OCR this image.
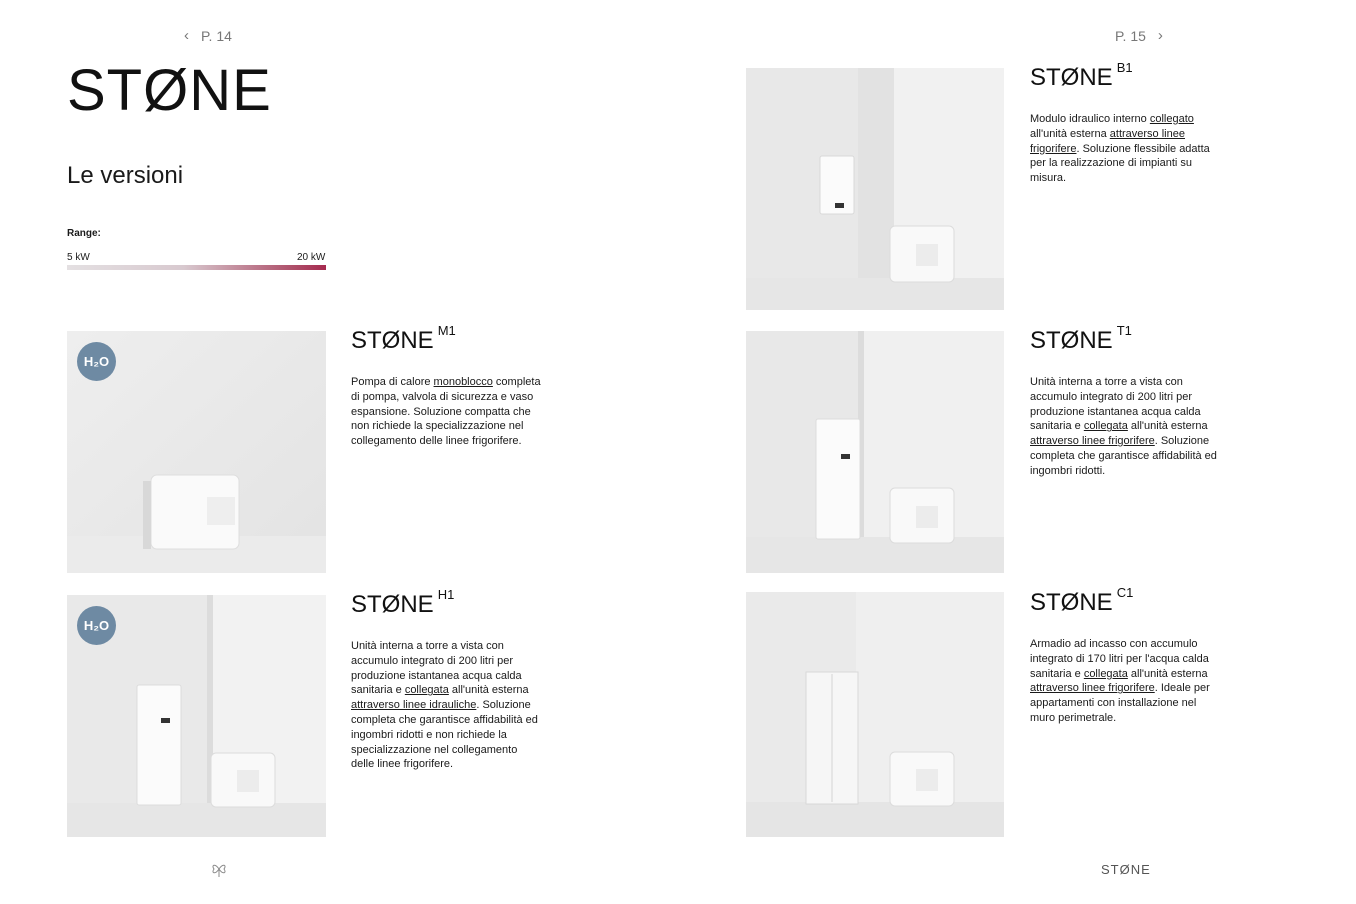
‹ P. 14	P. 15 ›
STØNE
Le versioni
Range:
5 kW	20 kW
H₂O
STØNE $^{M1}$
Pompa di calore monoblocco completa di pompa, valvola di sicurezza e vaso espansione. Soluzione compatta che non richiede la specializzazione nel collegamento delle linee frigorifere.
H₂O
STØNE $^{H1}$
Unità interna a torre a vista con accumulo integrato di 200 litri per produzione istantanea acqua calda sanitaria e collegata all'unità esterna attraverso linee idrauliche. Soluzione completa che garantisce affidabilità ed ingombri ridotti e non richiede la specializzazione nel collegamento delle linee frigorifere.
STØNE $^{B1}$
Modulo idraulico interno collegato all'unità esterna attraverso linee frigorifere. Soluzione flessibile adatta per la realizzazione di impianti su misura.
STØNE $^{T1}$
Unità interna a torre a vista con accumulo integrato di 200 litri per produzione istantanea acqua calda sanitaria e collegata all'unità esterna attraverso linee frigorifere. Soluzione completa che garantisce affidabilità ed ingombri ridotti.
STØNE $^{C1}$
Armadio ad incasso con accumulo integrato di 170 litri per l'acqua calda sanitaria e collegata all'unità esterna attraverso linee frigorifere. Ideale per appartamenti con installazione nel muro perimetrale.
STØNE
